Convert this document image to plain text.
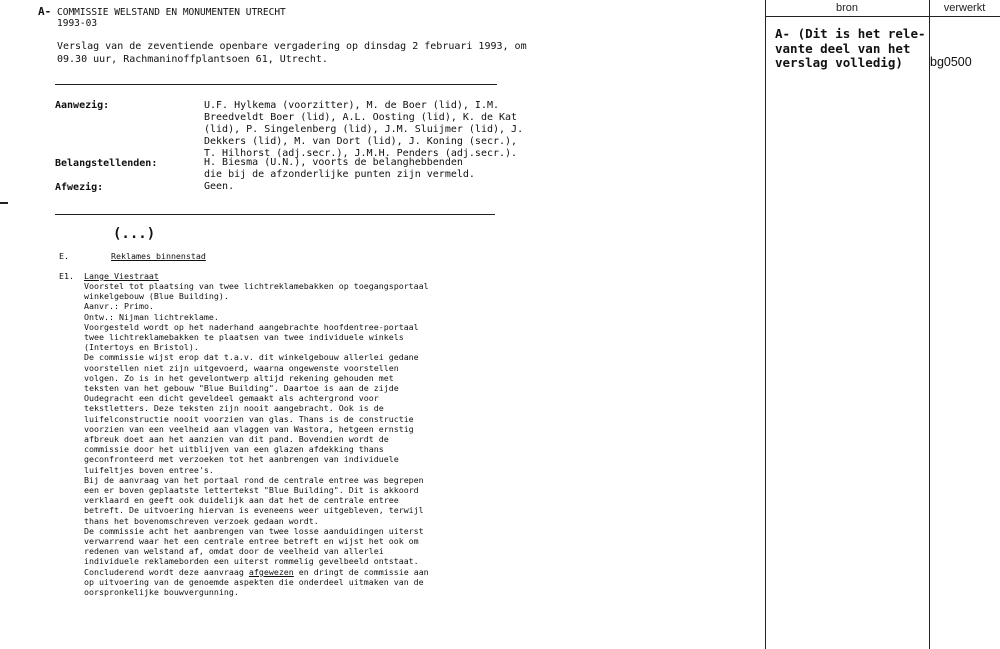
A- COMMISSIE WELSTAND EN MONUMENTEN UTRECHT
1993-03
Verslag van de zeventiende openbare vergadering op dinsdag 2 februari 1993, om
09.30 uur, Rachmaninoffplantsoen 61, Utrecht.
Aanwezig:	U.F. Hylkema (voorzitter), M. de Boer (lid), I.M.
Breedveldt Boer (lid), A.L. Oosting (lid), K. de Kat
(lid), P. Singelenberg (lid), J.M. Sluijmer (lid), J.
Dekkers (lid), M. van Dort (lid), J. Koning (secr.),
T. Hilhorst (adj.secr.), J.M.H. Penders (adj.secr.).
Belangstellenden:	H. Biesma (U.N.), voorts de belanghebbenden
die bij de afzonderlijke punten zijn vermeld.
Afwezig:	Geen.
(...)
E.	Reklames binnenstad
E1. Lange Viestraat
Voorstel tot plaatsing van twee lichtreklamebakken op toegangsportaal
winkelgebouw (Blue Building).
Aanvr.: Primo.
Ontw.: Nijman lichtreklame.
Voorgesteld wordt op het naderhand aangebrachte hoofdentree-portaal
twee lichtreklamebakken te plaatsen van twee individuele winkels
(Intertoys en Bristol).
De commissie wijst erop dat t.a.v. dit winkelgebouw allerlei gedane
voorstellen niet zijn uitgevoerd, waarna ongewenste voorstellen
volgen. Zo is in het gevelontwerp altijd rekening gehouden met
teksten van het gebouw "Blue Building". Daartoe is aan de zijde
Oudegracht een dicht geveldeel gemaakt als achtergrond voor
tekstletters. Deze teksten zijn nooit aangebracht. Ook is de
luifelconstructie nooit voorzien van glas. Thans is de constructie
voorzien van een veelheid aan vlaggen van Wastora, hetgeen ernstig
afbreuk doet aan het aanzien van dit pand. Bovendien wordt de
commissie door het uitblijven van een glazen afdekking thans
geconfronteerd met verzoeken tot het aanbrengen van individuele
luifeltjes boven entree's.
Bij de aanvraag van het portaal rond de centrale entree was begrepen
een er boven geplaatste lettertekst "Blue Building". Dit is akkoord
verklaard en geeft ook duidelijk aan dat het de centrale entree
betreft. De uitvoering hiervan is eveneens weer uitgebleven, terwijl
thans het bovenomschreven verzoek gedaan wordt.
De commissie acht het aanbrengen van twee losse aanduidingen uiterst
verwarrend waar het een centrale entree betreft en wijst het ook om
redenen van welstand af, omdat door de veelheid van allerlei
individuele reklameborden een uiterst rommelig gevelbeeld ontstaat.
Concluderend wordt deze aanvraag afgewezen en dringt de commissie aan
op uitvoering van de genoemde aspekten die onderdeel uitmaken van de
oorspronkelijke bouwvergunning.
bron	verwerkt
A- (Dit is het rele-
vante deel van het
verslag volledig) bg0500
